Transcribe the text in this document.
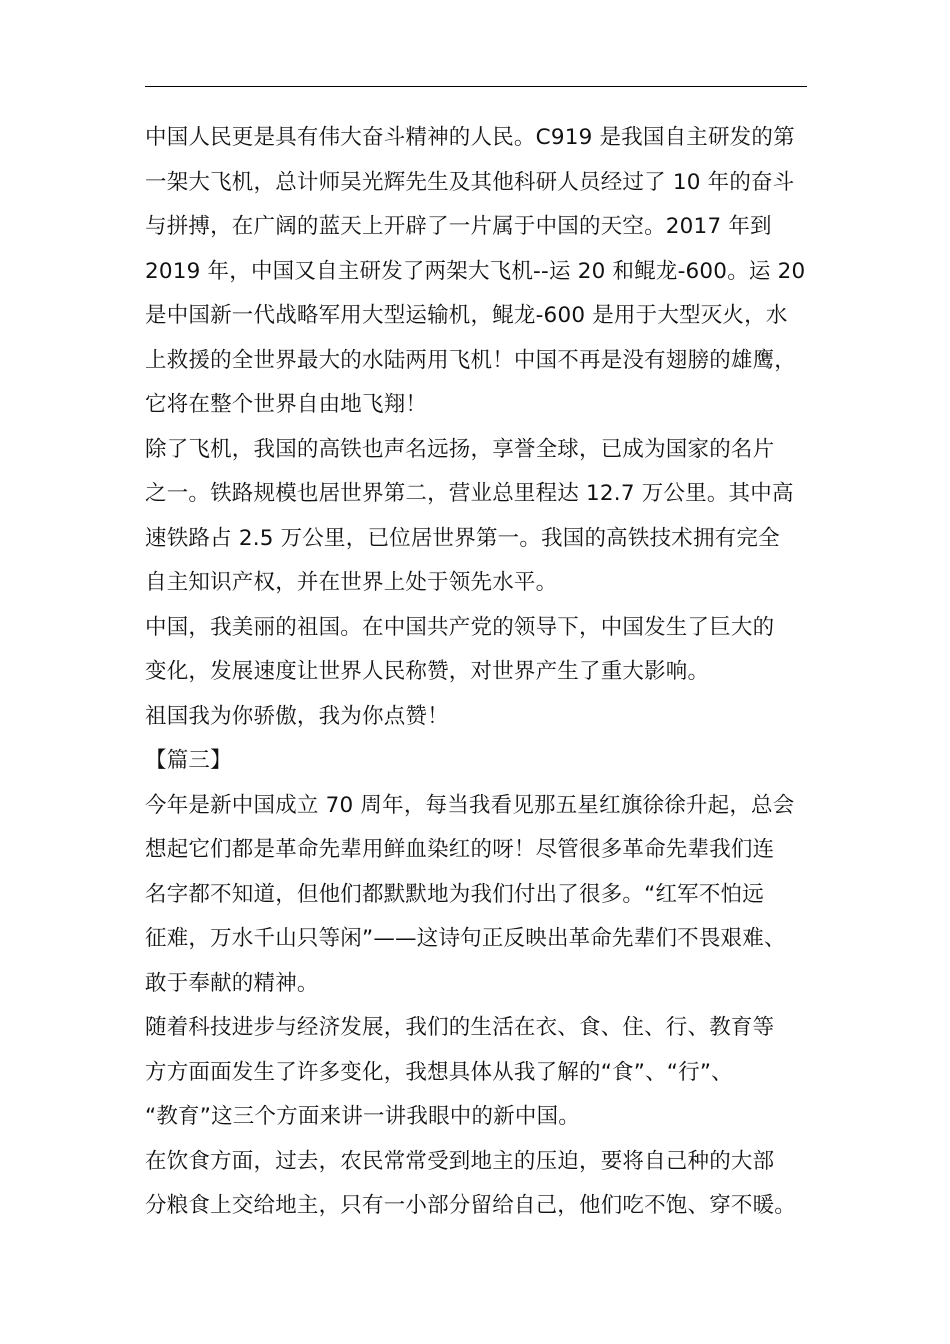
中国人民更是具有伟大奋斗精神的人民。C919 是我国自主研发的第
一架大飞机，总计师吴光辉先生及其他科研人员经过了 10 年的奋斗
与拼搏，在广阔的蓝天上开辟了一片属于中国的天空。2017 年到
2019 年，中国又自主研发了两架大飞机--运 20 和鲲龙-600。运 20
是中国新一代战略军用大型运输机，鲲龙-600 是用于大型灭火，水
上救援的全世界最大的水陆两用飞机！中国不再是没有翅膀的雄鹰，
它将在整个世界自由地飞翔！
除了飞机，我国的高铁也声名远扬，享誉全球，已成为国家的名片
之一。铁路规模也居世界第二，营业总里程达 12.7 万公里。其中高
速铁路占 2.5 万公里，已位居世界第一。我国的高铁技术拥有完全
自主知识产权，并在世界上处于领先水平。
中国，我美丽的祖国。在中国共产党的领导下，中国发生了巨大的
变化，发展速度让世界人民称赞，对世界产生了重大影响。
祖国我为你骄傲，我为你点赞！
【篇三】
今年是新中国成立 70 周年，每当我看见那五星红旗徐徐升起，总会
想起它们都是革命先辈用鲜血染红的呀！尽管很多革命先辈我们连
名字都不知道，但他们都默默地为我们付出了很多。“红军不怕远
征难，万水千山只等闲”——这诗句正反映出革命先辈们不畏艰难、
敢于奉献的精神。
随着科技进步与经济发展，我们的生活在衣、食、住、行、教育等
方方面面发生了许多变化，我想具体从我了解的“食”、“行”、
“教育”这三个方面来讲一讲我眼中的新中国。
在饮食方面，过去，农民常常受到地主的压迫，要将自己种的大部
分粮食上交给地主，只有一小部分留给自己，他们吃不饱、穿不暖。
